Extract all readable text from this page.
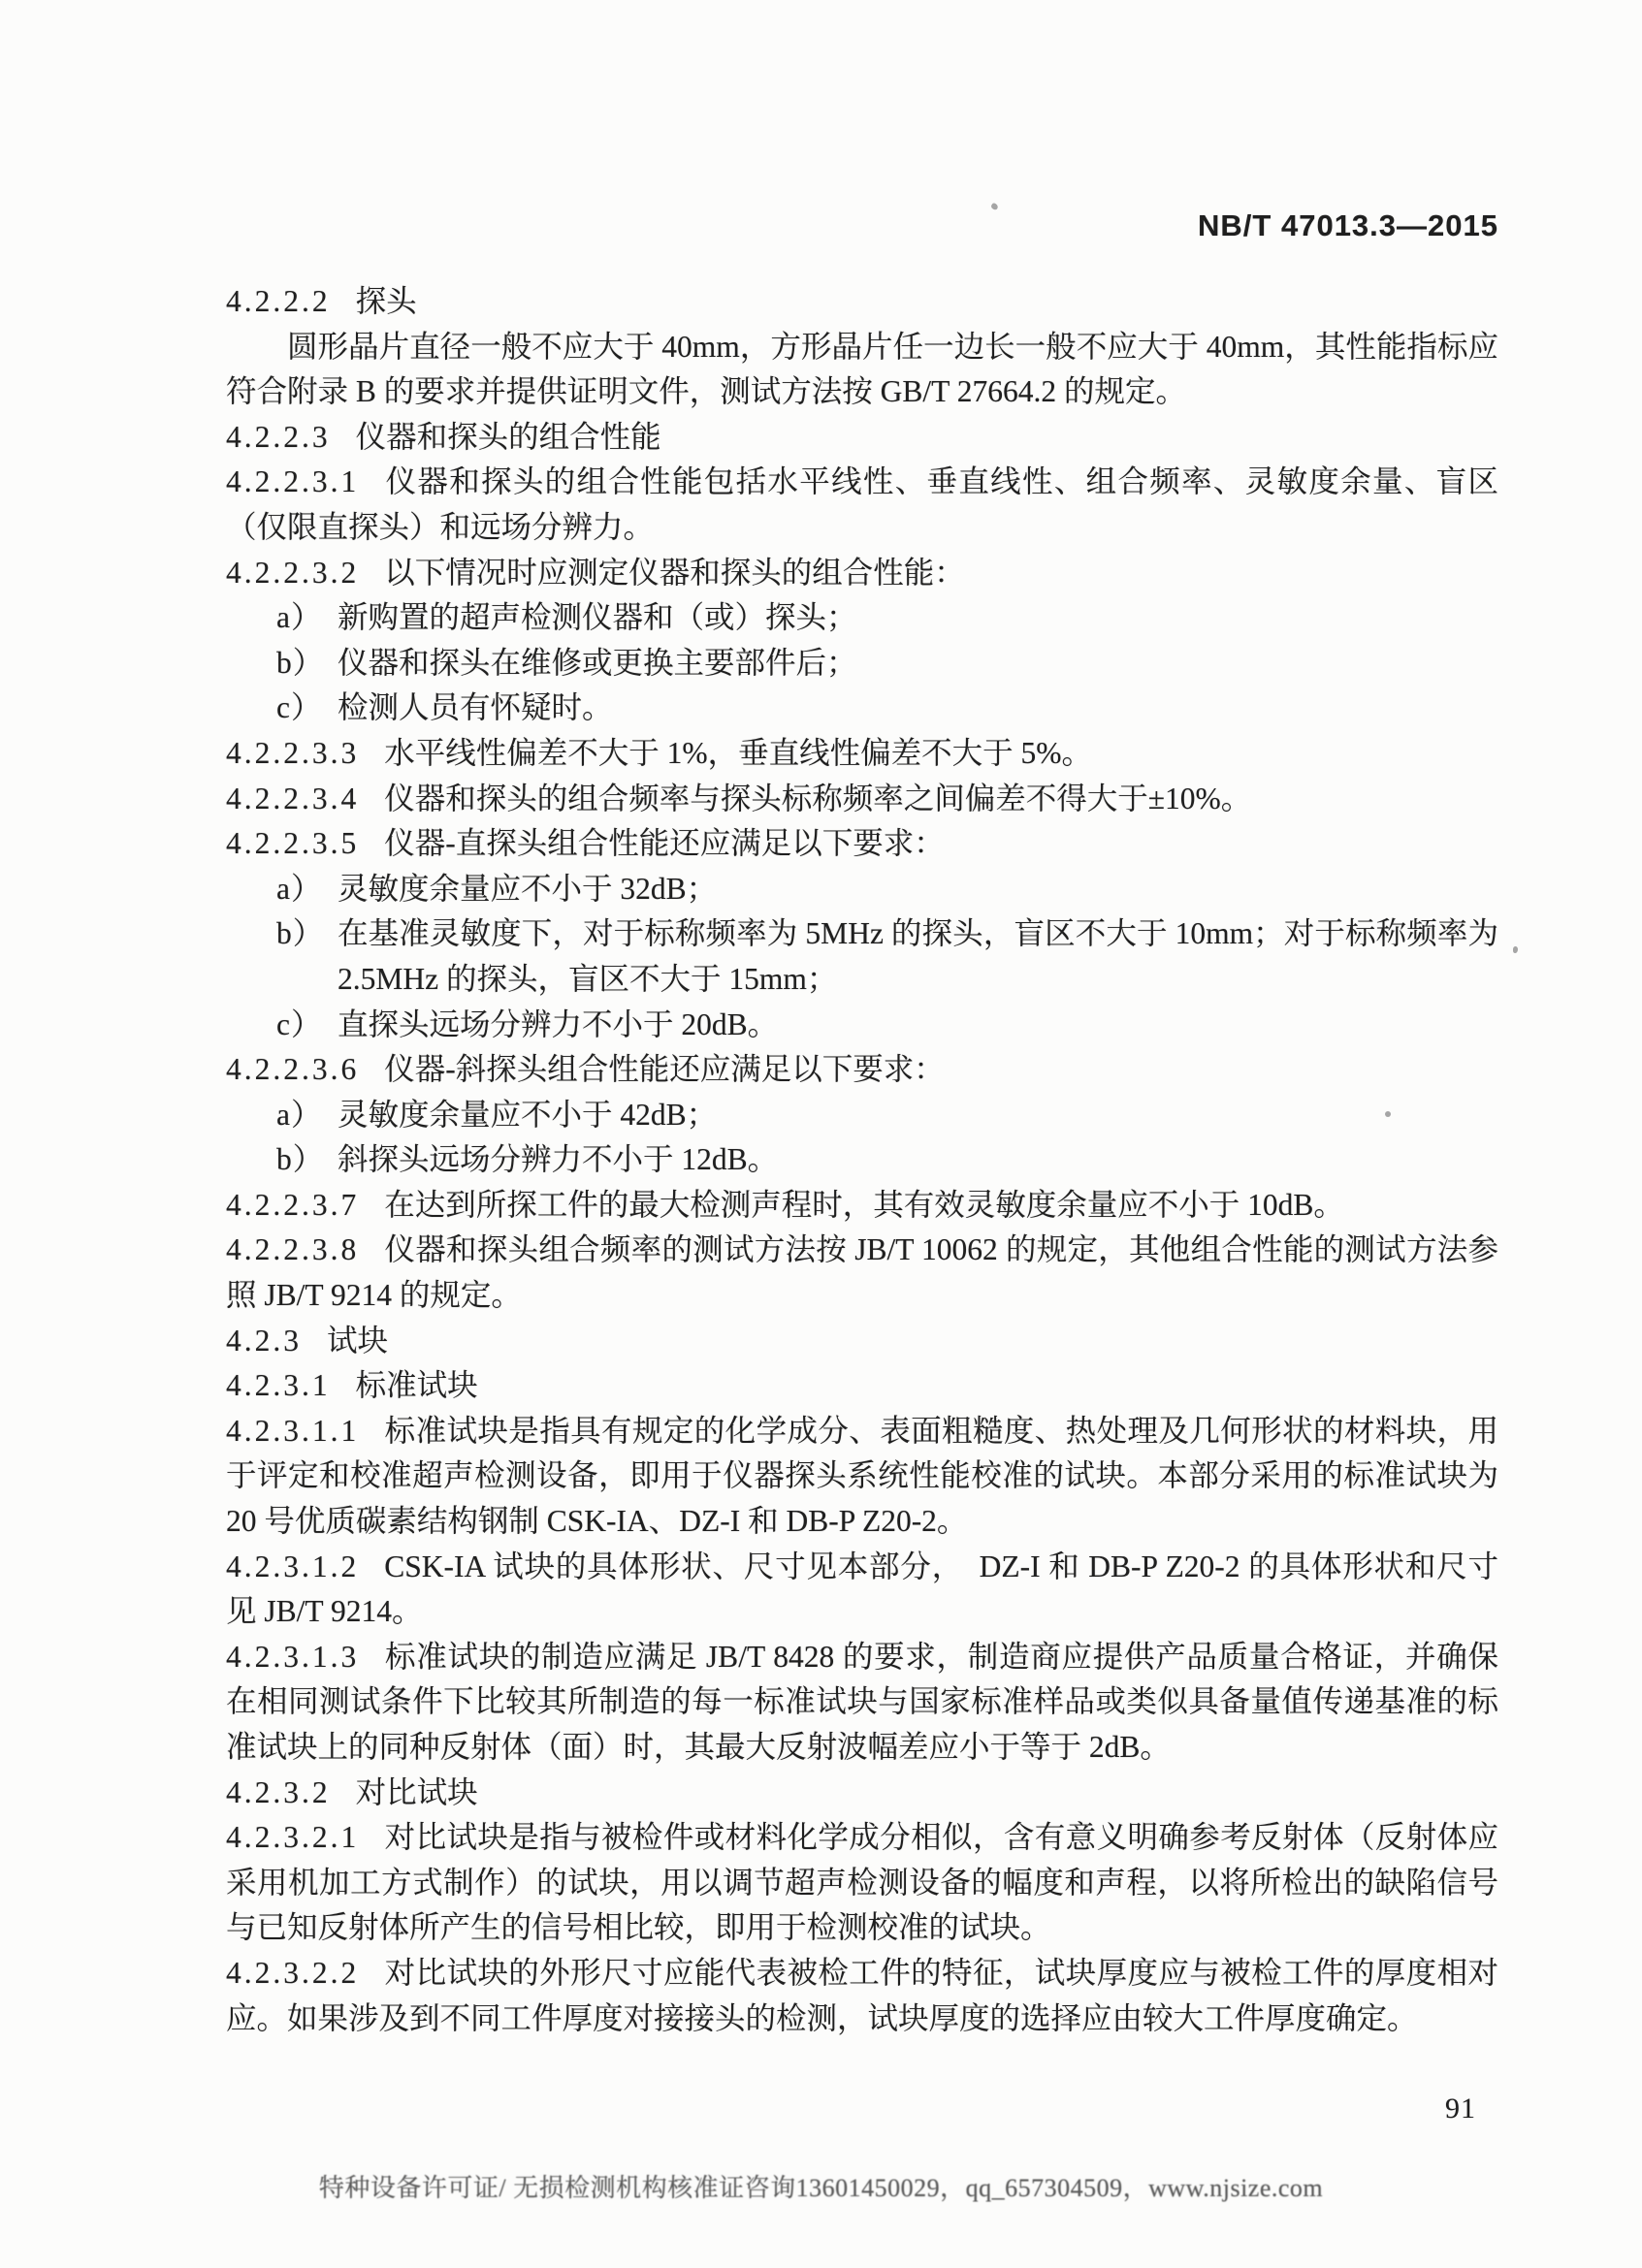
NB/T 47013.3—2015

4.2.2.2 探头

圆形晶片直径一般不应大于 40mm，方形晶片任一边长一般不应大于 40mm，其性能指标应符合附录 B 的要求并提供证明文件，测试方法按 GB/T 27664.2 的规定。

4.2.2.3 仪器和探头的组合性能

4.2.2.3.1 仪器和探头的组合性能包括水平线性、垂直线性、组合频率、灵敏度余量、盲区（仅限直探头）和远场分辨力。

4.2.2.3.2 以下情况时应测定仪器和探头的组合性能：

a） 新购置的超声检测仪器和（或）探头；
b） 仪器和探头在维修或更换主要部件后；
c） 检测人员有怀疑时。

4.2.2.3.3 水平线性偏差不大于 1%，垂直线性偏差不大于 5%。

4.2.2.3.4 仪器和探头的组合频率与探头标称频率之间偏差不得大于±10%。

4.2.2.3.5 仪器-直探头组合性能还应满足以下要求：

a） 灵敏度余量应不小于 32dB；
b） 在基准灵敏度下，对于标称频率为 5MHz 的探头，盲区不大于 10mm；对于标称频率为 2.5MHz 的探头，盲区不大于 15mm；
c） 直探头远场分辨力不小于 20dB。

4.2.2.3.6 仪器-斜探头组合性能还应满足以下要求：

a） 灵敏度余量应不小于 42dB；
b） 斜探头远场分辨力不小于 12dB。

4.2.2.3.7 在达到所探工件的最大检测声程时，其有效灵敏度余量应不小于 10dB。

4.2.2.3.8 仪器和探头组合频率的测试方法按 JB/T 10062 的规定，其他组合性能的测试方法参照 JB/T 9214 的规定。

4.2.3 试块

4.2.3.1 标准试块

4.2.3.1.1 标准试块是指具有规定的化学成分、表面粗糙度、热处理及几何形状的材料块，用于评定和校准超声检测设备，即用于仪器探头系统性能校准的试块。本部分采用的标准试块为 20 号优质碳素结构钢制 CSK-IA、DZ-I 和 DB-P Z20-2。

4.2.3.1.2 CSK-IA 试块的具体形状、尺寸见本部分，　DZ-I 和 DB-P Z20-2 的具体形状和尺寸见 JB/T 9214。

4.2.3.1.3 标准试块的制造应满足 JB/T 8428 的要求，制造商应提供产品质量合格证，并确保在相同测试条件下比较其所制造的每一标准试块与国家标准样品或类似具备量值传递基准的标准试块上的同种反射体（面）时，其最大反射波幅差应小于等于 2dB。

4.2.3.2 对比试块

4.2.3.2.1 对比试块是指与被检件或材料化学成分相似，含有意义明确参考反射体（反射体应采用机加工方式制作）的试块，用以调节超声检测设备的幅度和声程，以将所检出的缺陷信号与已知反射体所产生的信号相比较，即用于检测校准的试块。

4.2.3.2.2 对比试块的外形尺寸应能代表被检工件的特征，试块厚度应与被检工件的厚度相对应。如果涉及到不同工件厚度对接接头的检测，试块厚度的选择应由较大工件厚度确定。

91
特种设备许可证/ 无损检测机构核准证咨询13601450029，qq_657304509，www.njsize.com
